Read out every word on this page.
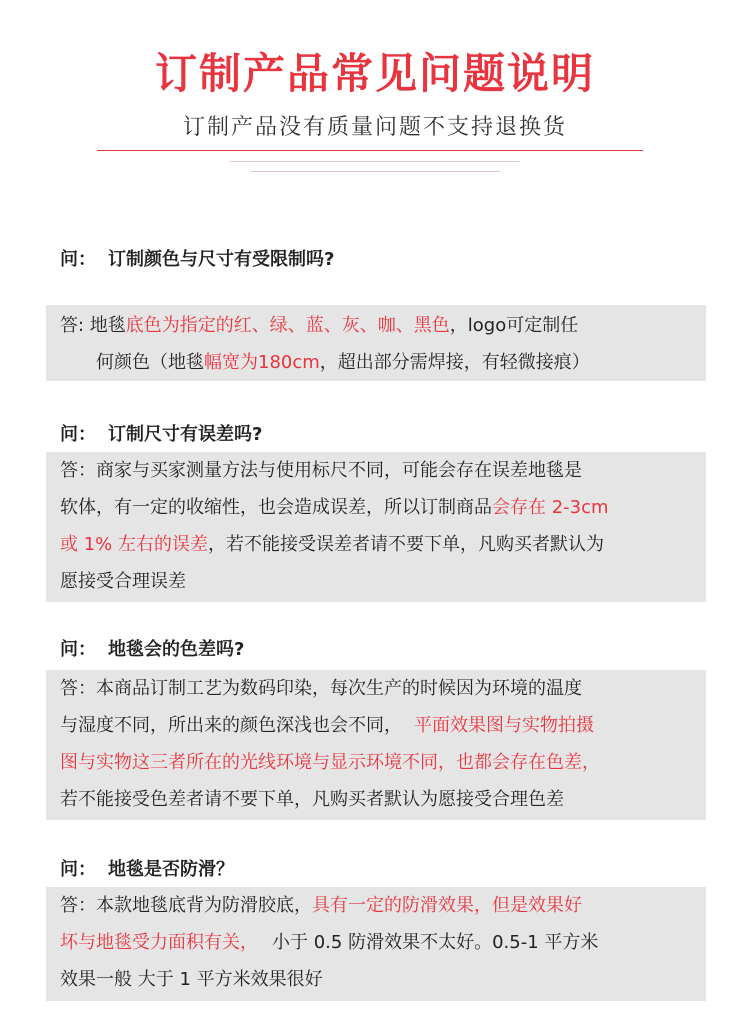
订制产品常见问题说明
订制产品没有质量问题不支持退换货
问： 订制颜色与尺寸有受限制吗?
答: 地毯底色为指定的红、绿、蓝、灰、咖、黑色，logo可定制任
何颜色（地毯幅宽为180cm，超出部分需焊接，有轻微接痕）
问： 订制尺寸有误差吗?
答：商家与买家测量方法与使用标尺不同，可能会存在误差地毯是
软体，有一定的收缩性，也会造成误差，所以订制商品会存在 2-3cm
或 1% 左右的误差，若不能接受误差者请不要下单，凡购买者默认为
愿接受合理误差
问： 地毯会的色差吗?
答：本商品订制工艺为数码印染，每次生产的时候因为环境的温度
与湿度不同，所出来的颜色深浅也会不同， 平面效果图与实物拍摄
图与实物这三者所在的光线环境与显示环境不同，也都会存在色差，
若不能接受色差者请不要下单，凡购买者默认为愿接受合理色差
问： 地毯是否防滑？
答：本款地毯底背为防滑胶底，具有一定的防滑效果，但是效果好
坏与地毯受力面积有关， 小于 0.5 防滑效果不太好。0.5-1 平方米
效果一般 大于 1 平方米效果很好
